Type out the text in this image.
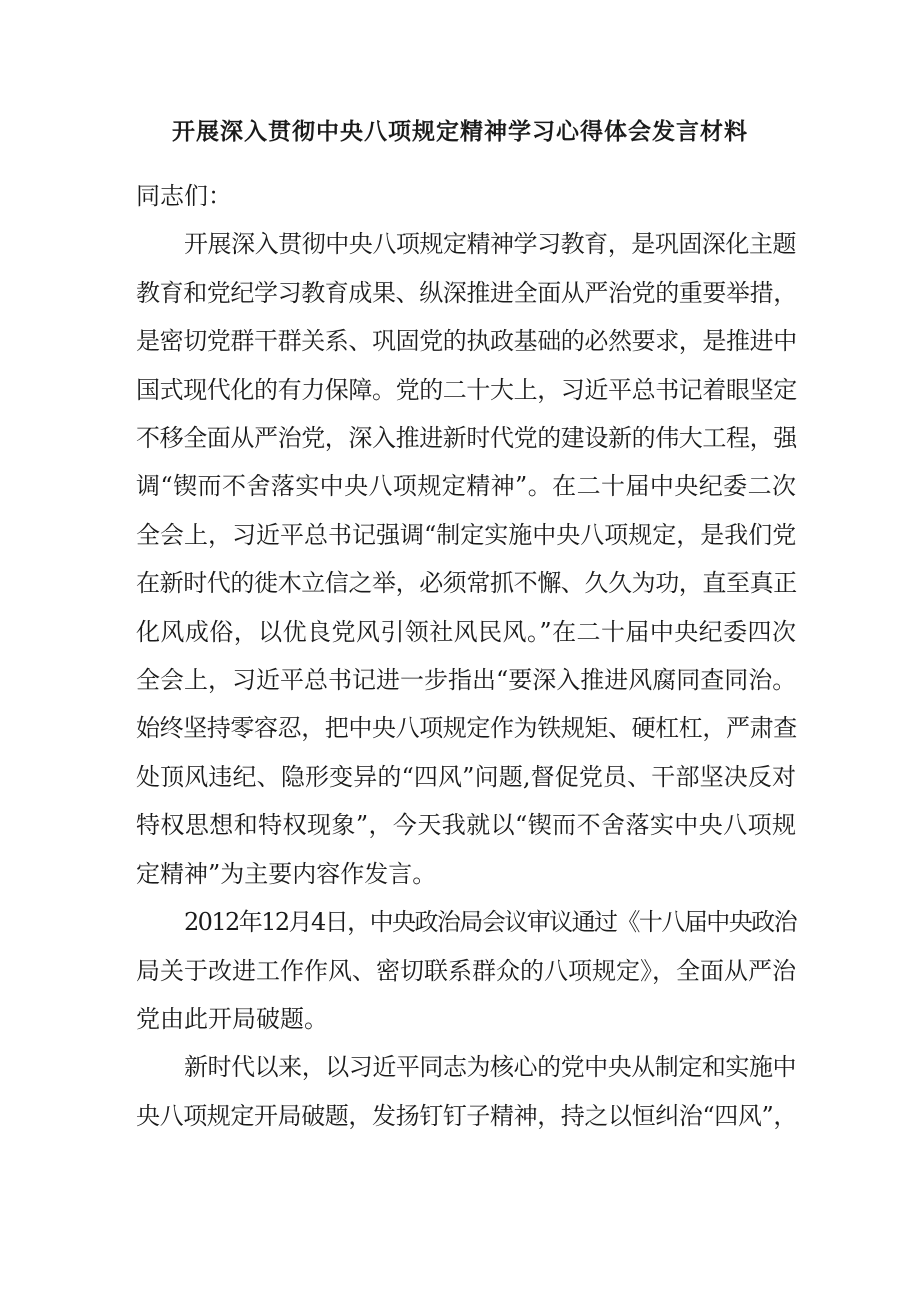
开展深入贯彻中央八项规定精神学习心得体会发言材料
同志们：
开展深入贯彻中央八项规定精神学习教育，是巩固深化主题
教育和党纪学习教育成果、纵深推进全面从严治党的重要举措，
是密切党群干群关系、巩固党的执政基础的必然要求，是推进中
国式现代化的有力保障。党的二十大上，习近平总书记着眼坚定
不移全面从严治党，深入推进新时代党的建设新的伟大工程，强
调“锲而不舍落实中央八项规定精神”。在二十届中央纪委二次
全会上，习近平总书记强调“制定实施中央八项规定，是我们党
在新时代的徙木立信之举，必须常抓不懈、久久为功，直至真正
化风成俗，以优良党风引领社风民风。”在二十届中央纪委四次
全会上，习近平总书记进一步指出“要深入推进风腐同查同治。
始终坚持零容忍，把中央八项规定作为铁规矩、硬杠杠，严肃查
处顶风违纪、隐形变异的“四风”问题,督促党员、干部坚决反对
特权思想和特权现象”，今天我就以“锲而不舍落实中央八项规
定精神”为主要内容作发言。
2012年12月4日，中央政治局会议审议通过《十八届中央政治
局关于改进工作作风、密切联系群众的八项规定》，全面从严治
党由此开局破题。
新时代以来，以习近平同志为核心的党中央从制定和实施中
央八项规定开局破题，发扬钉钉子精神，持之以恒纠治“四风”，
